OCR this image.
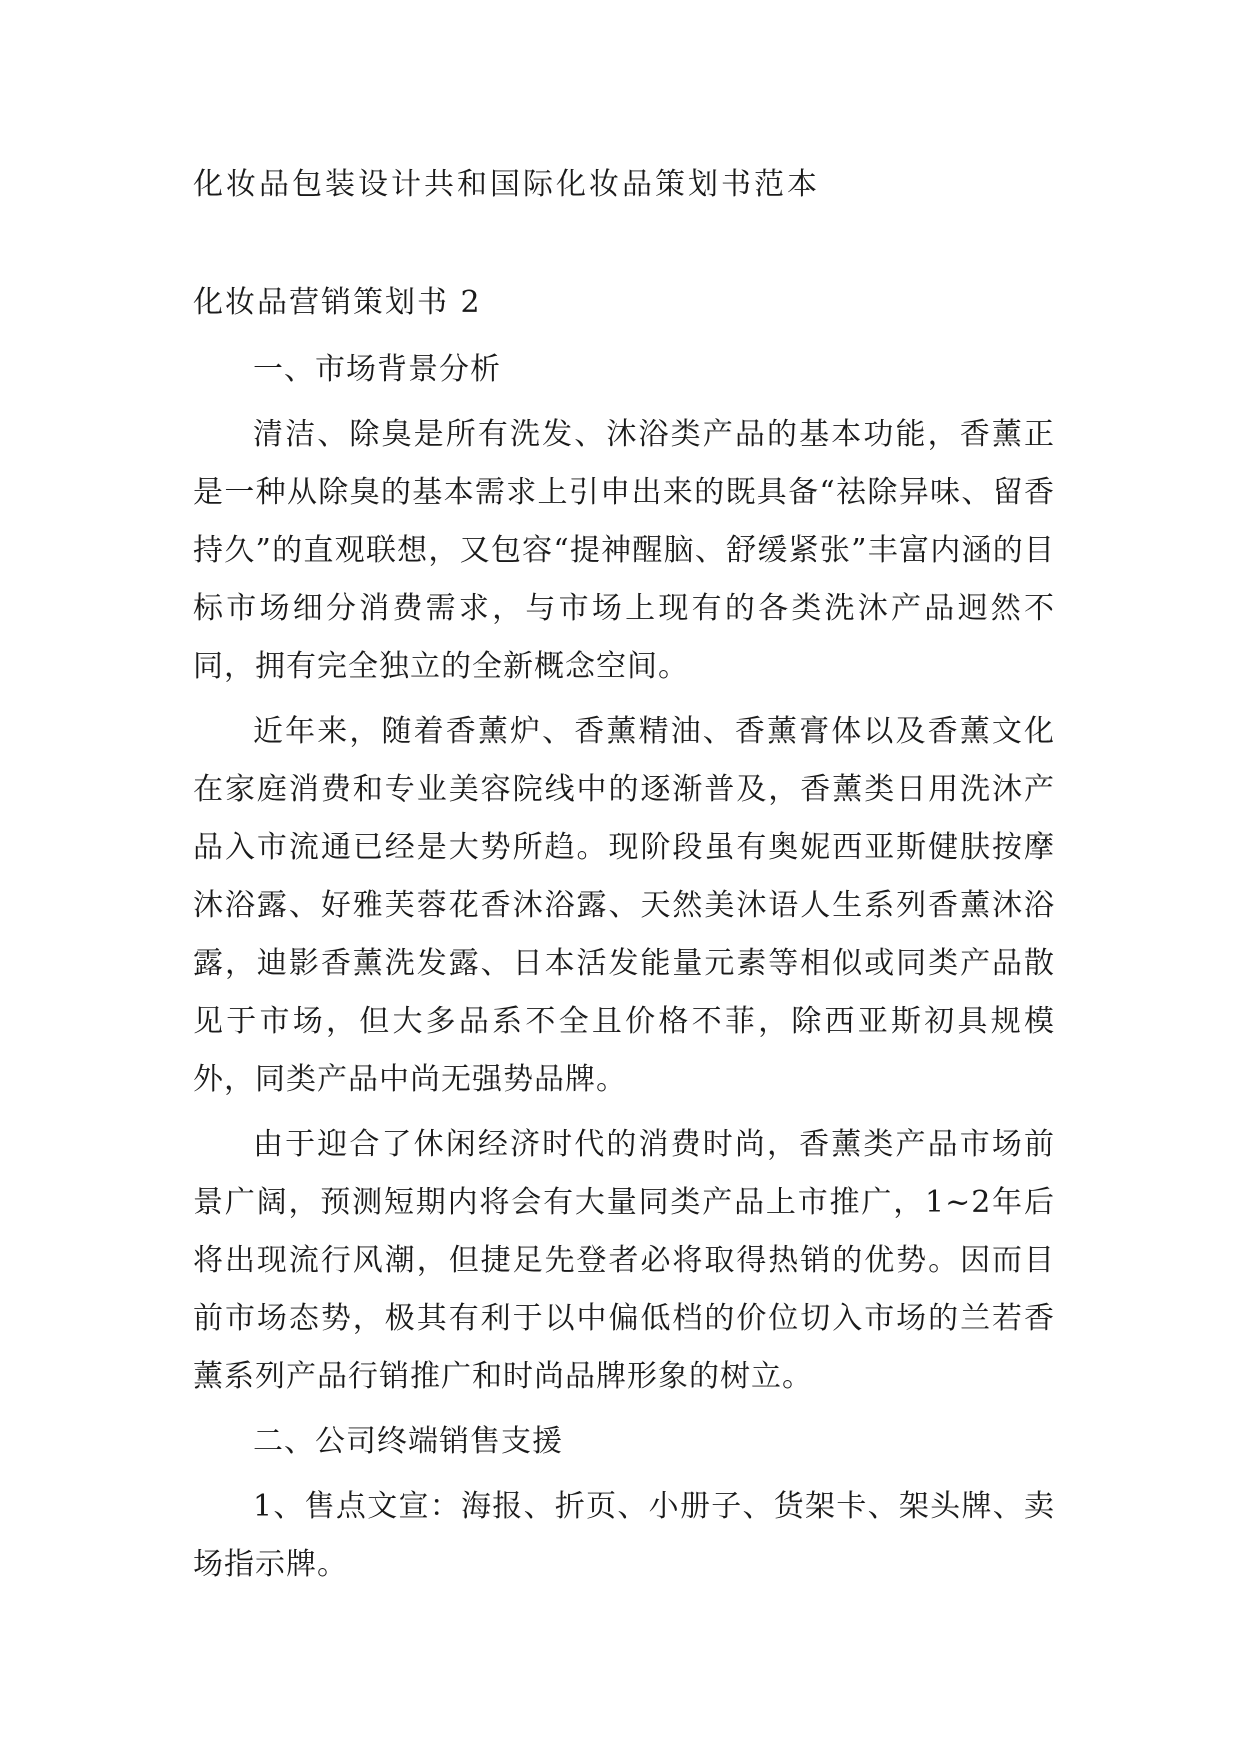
化妆品包装设计共和国际化妆品策划书范本
化妆品营销策划书 2

一、市场背景分析

清洁、除臭是所有洗发、沐浴类产品的基本功能，香薰正是一种从除臭的基本需求上引申出来的既具备“祛除异味、留香持久”的直观联想，又包容“提神醒脑、舒缓紧张”丰富内涵的目标市场细分消费需求，与市场上现有的各类洗沐产品迥然不同，拥有完全独立的全新概念空间。

近年来，随着香薰炉、香薰精油、香薰膏体以及香薰文化在家庭消费和专业美容院线中的逐渐普及，香薰类日用洗沐产品入市流通已经是大势所趋。现阶段虽有奥妮西亚斯健肤按摩沐浴露、好雅芙蓉花香沐浴露、天然美沐语人生系列香薰沐浴露，迪影香薰洗发露、日本活发能量元素等相似或同类产品散见于市场，但大多品系不全且价格不菲，除西亚斯初具规模外，同类产品中尚无强势品牌。

由于迎合了休闲经济时代的消费时尚，香薰类产品市场前景广阔，预测短期内将会有大量同类产品上市推广，1~2年后将出现流行风潮，但捷足先登者必将取得热销的优势。因而目前市场态势，极其有利于以中偏低档的价位切入市场的兰若香薰系列产品行销推广和时尚品牌形象的树立。

二、公司终端销售支援

1、售点文宣：海报、折页、小册子、货架卡、架头牌、卖场指示牌。
